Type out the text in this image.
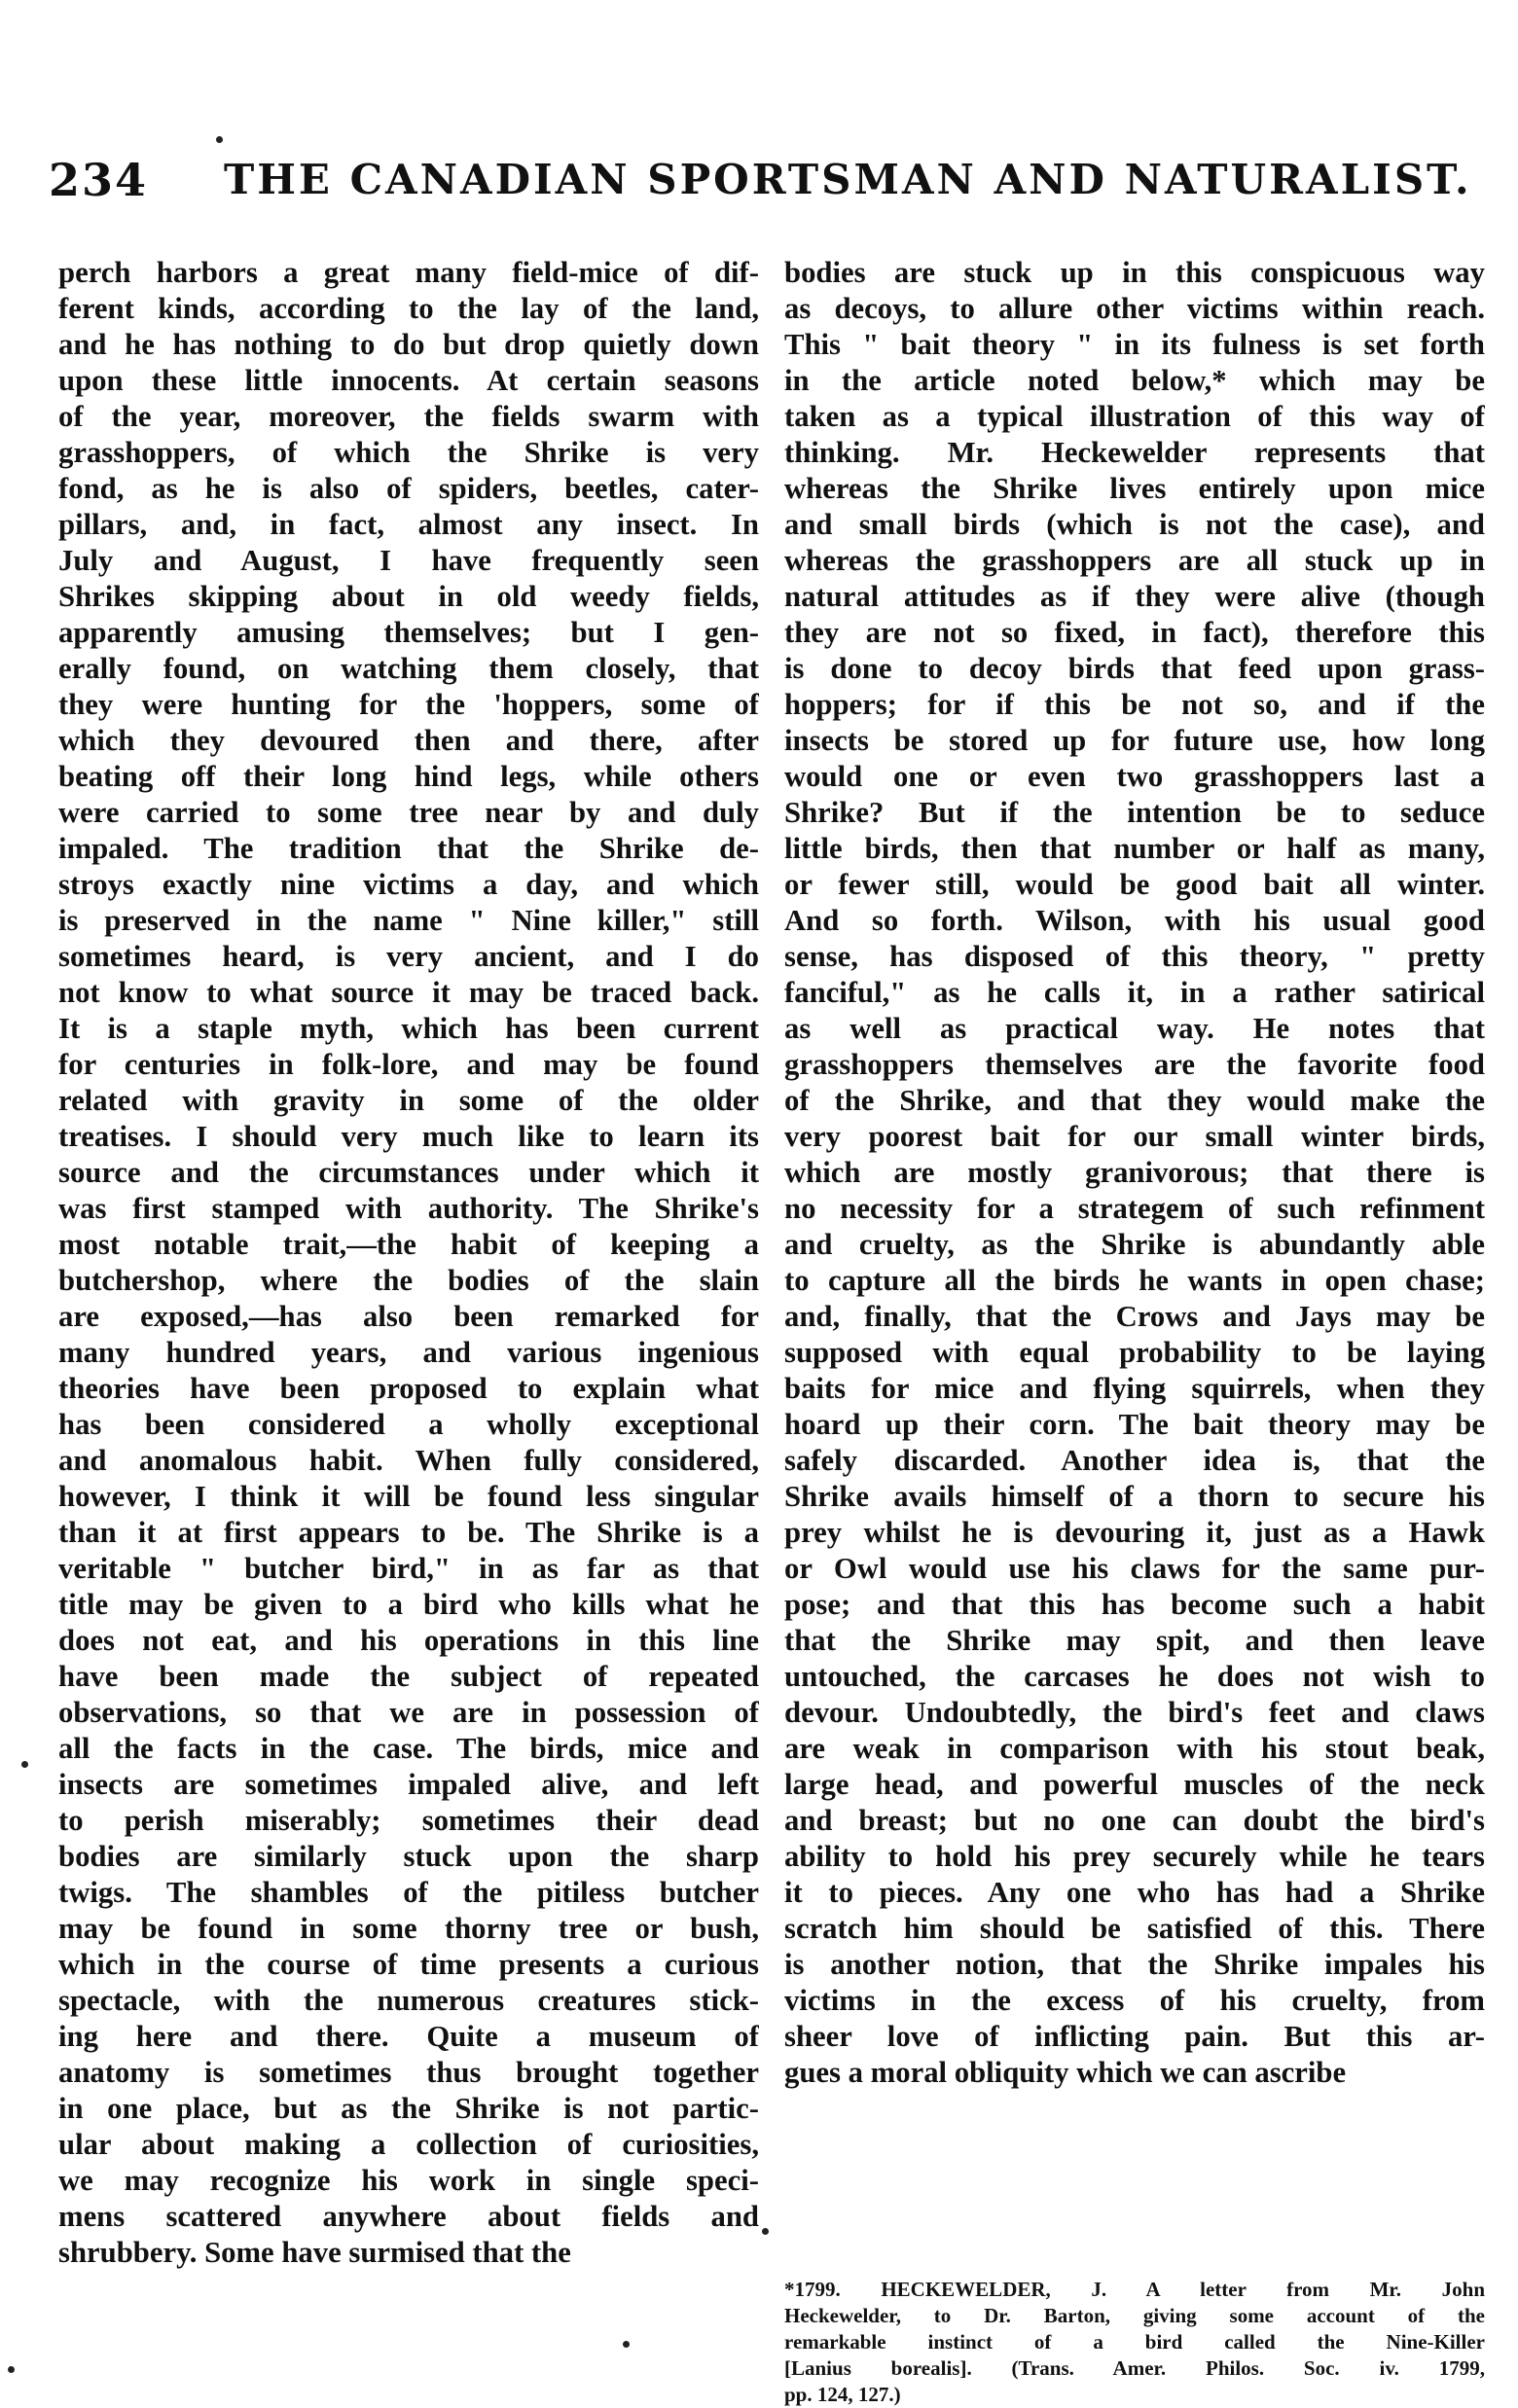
234 THE CANADIAN SPORTSMAN AND NATURALIST.
perch harbors a great many field-mice of dif-
ferent kinds, according to the lay of the land,
and he has nothing to do but drop quietly down
upon these little innocents. At certain seasons
of the year, moreover, the fields swarm with
grasshoppers, of which the Shrike is very
fond, as he is also of spiders, beetles, cater-
pillars, and, in fact, almost any insect. In
July and August, I have frequently seen
Shrikes skipping about in old weedy fields,
apparently amusing themselves; but I gen-
erally found, on watching them closely, that
they were hunting for the 'hoppers, some of
which they devoured then and there, after
beating off their long hind legs, while others
were carried to some tree near by and duly
impaled. The tradition that the Shrike de-
stroys exactly nine victims a day, and which
is preserved in the name " Nine killer," still
sometimes heard, is very ancient, and I do
not know to what source it may be traced back.
It is a staple myth, which has been current
for centuries in folk-lore, and may be found
related with gravity in some of the older
treatises. I should very much like to learn its
source and the circumstances under which it
was first stamped with authority. The Shrike's
most notable trait,—the habit of keeping a
butchershop, where the bodies of the slain
are exposed,—has also been remarked for
many hundred years, and various ingenious
theories have been proposed to explain what
has been considered a wholly exceptional
and anomalous habit. When fully considered,
however, I think it will be found less singular
than it at first appears to be. The Shrike is a
veritable " butcher bird," in as far as that
title may be given to a bird who kills what he
does not eat, and his operations in this line
have been made the subject of repeated
observations, so that we are in possession of
all the facts in the case. The birds, mice and
insects are sometimes impaled alive, and left
to perish miserably; sometimes their dead
bodies are similarly stuck upon the sharp
twigs. The shambles of the pitiless butcher
may be found in some thorny tree or bush,
which in the course of time presents a curious
spectacle, with the numerous creatures stick-
ing here and there. Quite a museum of
anatomy is sometimes thus brought together
in one place, but as the Shrike is not partic-
ular about making a collection of curiosities,
we may recognize his work in single speci-
mens scattered anywhere about fields and
shrubbery. Some have surmised that the
bodies are stuck up in this conspicuous way
as decoys, to allure other victims within reach.
This " bait theory " in its fulness is set forth
in the article noted below,* which may be
taken as a typical illustration of this way of
thinking. Mr. Heckewelder represents that
whereas the Shrike lives entirely upon mice
and small birds (which is not the case), and
whereas the grasshoppers are all stuck up in
natural attitudes as if they were alive (though
they are not so fixed, in fact), therefore this
is done to decoy birds that feed upon grass-
hoppers; for if this be not so, and if the
insects be stored up for future use, how long
would one or even two grasshoppers last a
Shrike? But if the intention be to seduce
little birds, then that number or half as many,
or fewer still, would be good bait all winter.
And so forth. Wilson, with his usual good
sense, has disposed of this theory, " pretty
fanciful," as he calls it, in a rather satirical
as well as practical way. He notes that
grasshoppers themselves are the favorite food
of the Shrike, and that they would make the
very poorest bait for our small winter birds,
which are mostly granivorous; that there is
no necessity for a strategem of such refinment
and cruelty, as the Shrike is abundantly able
to capture all the birds he wants in open chase;
and, finally, that the Crows and Jays may be
supposed with equal probability to be laying
baits for mice and flying squirrels, when they
hoard up their corn. The bait theory may be
safely discarded. Another idea is, that the
Shrike avails himself of a thorn to secure his
prey whilst he is devouring it, just as a Hawk
or Owl would use his claws for the same pur-
pose; and that this has become such a habit
that the Shrike may spit, and then leave
untouched, the carcases he does not wish to
devour. Undoubtedly, the bird's feet and claws
are weak in comparison with his stout beak,
large head, and powerful muscles of the neck
and breast; but no one can doubt the bird's
ability to hold his prey securely while he tears
it to pieces. Any one who has had a Shrike
scratch him should be satisfied of this. There
is another notion, that the Shrike impales his
victims in the excess of his cruelty, from
sheer love of inflicting pain. But this ar-
gues a moral obliquity which we can ascribe
*1799. HECKEWELDER, J. A letter from Mr. John
Heckewelder, to Dr. Barton, giving some account of the
remarkable instinct of a bird called the Nine-Killer
[Lanius borealis]. (Trans. Amer. Philos. Soc. iv. 1799,
pp. 124, 127.)
